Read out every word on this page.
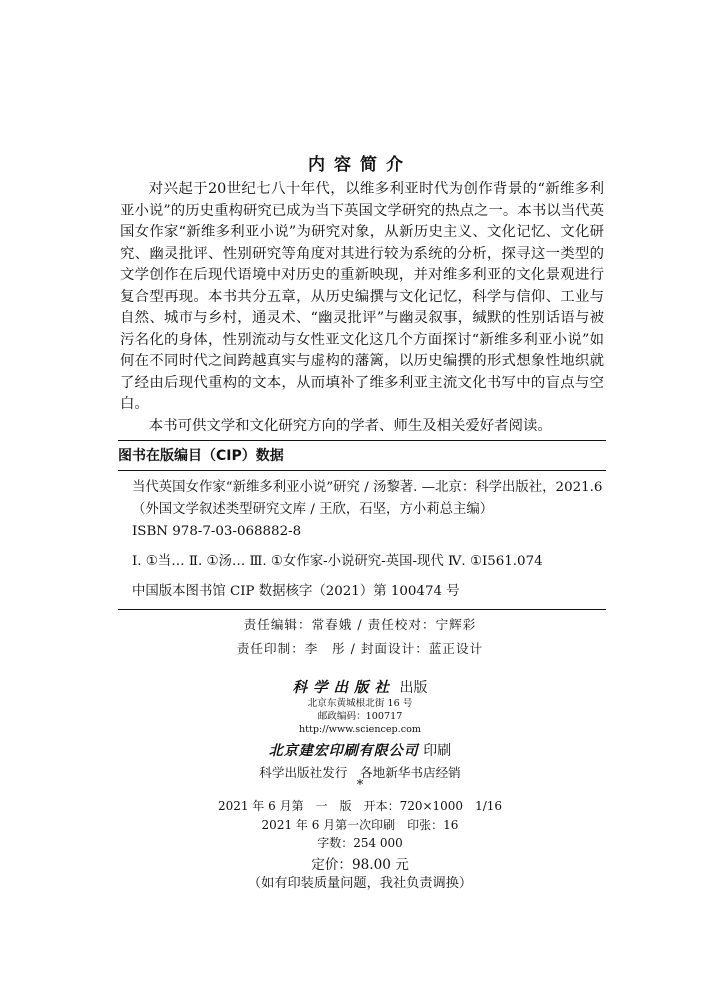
内容简介

对兴起于20世纪七八十年代，以维多利亚时代为创作背景的“新维多利亚小说”的历史重构研究已成为当下英国文学研究的热点之一。本书以当代英国女作家“新维多利亚小说”为研究对象，从新历史主义、文化记忆、文化研究、幽灵批评、性别研究等角度对其进行较为系统的分析，探寻这一类型的文学创作在后现代语境中对历史的重新映现，并对维多利亚的文化景观进行复合型再现。本书共分五章，从历史编撰与文化记忆，科学与信仰、工业与自然、城市与乡村，通灵术、“幽灵批评”与幽灵叙事，缄默的性别话语与被污名化的身体，性别流动与女性亚文化这几个方面探讨“新维多利亚小说”如何在不同时代之间跨越真实与虚构的藩篱，以历史编撰的形式想象性地织就了经由后现代重构的文本，从而填补了维多利亚主流文化书写中的盲点与空白。

本书可供文学和文化研究方向的学者、师生及相关爱好者阅读。

图书在版编目（CIP）数据
当代英国女作家“新维多利亚小说”研究 / 汤黎著. —北京：科学出版社，2021.6
（外国文学叙述类型研究文库 / 王欣，石坚，方小莉总主编）
ISBN 978-7-03-068882-8
Ⅰ. ①当… Ⅱ. ①汤… Ⅲ. ①女作家-小说研究-英国-现代 Ⅳ. ①I561.074
中国版本图书馆 CIP 数据核字（2021）第 100474 号
责任编辑：常春娥 / 责任校对：宁辉彩
责任印制：李　彤 / 封面设计：蓝正设计
科学出版社 出版
北京东黄城根北街 16 号
邮政编码：100717
http://www.sciencep.com
北京建宏印刷有限公司 印刷
科学出版社发行　各地新华书店经销
*
2021 年 6 月第　一　版　开本：720×1000　1/16
2021 年 6 月第一次印刷　印张：16
字数：254 000
定价：98.00 元
（如有印装质量问题，我社负责调换）
